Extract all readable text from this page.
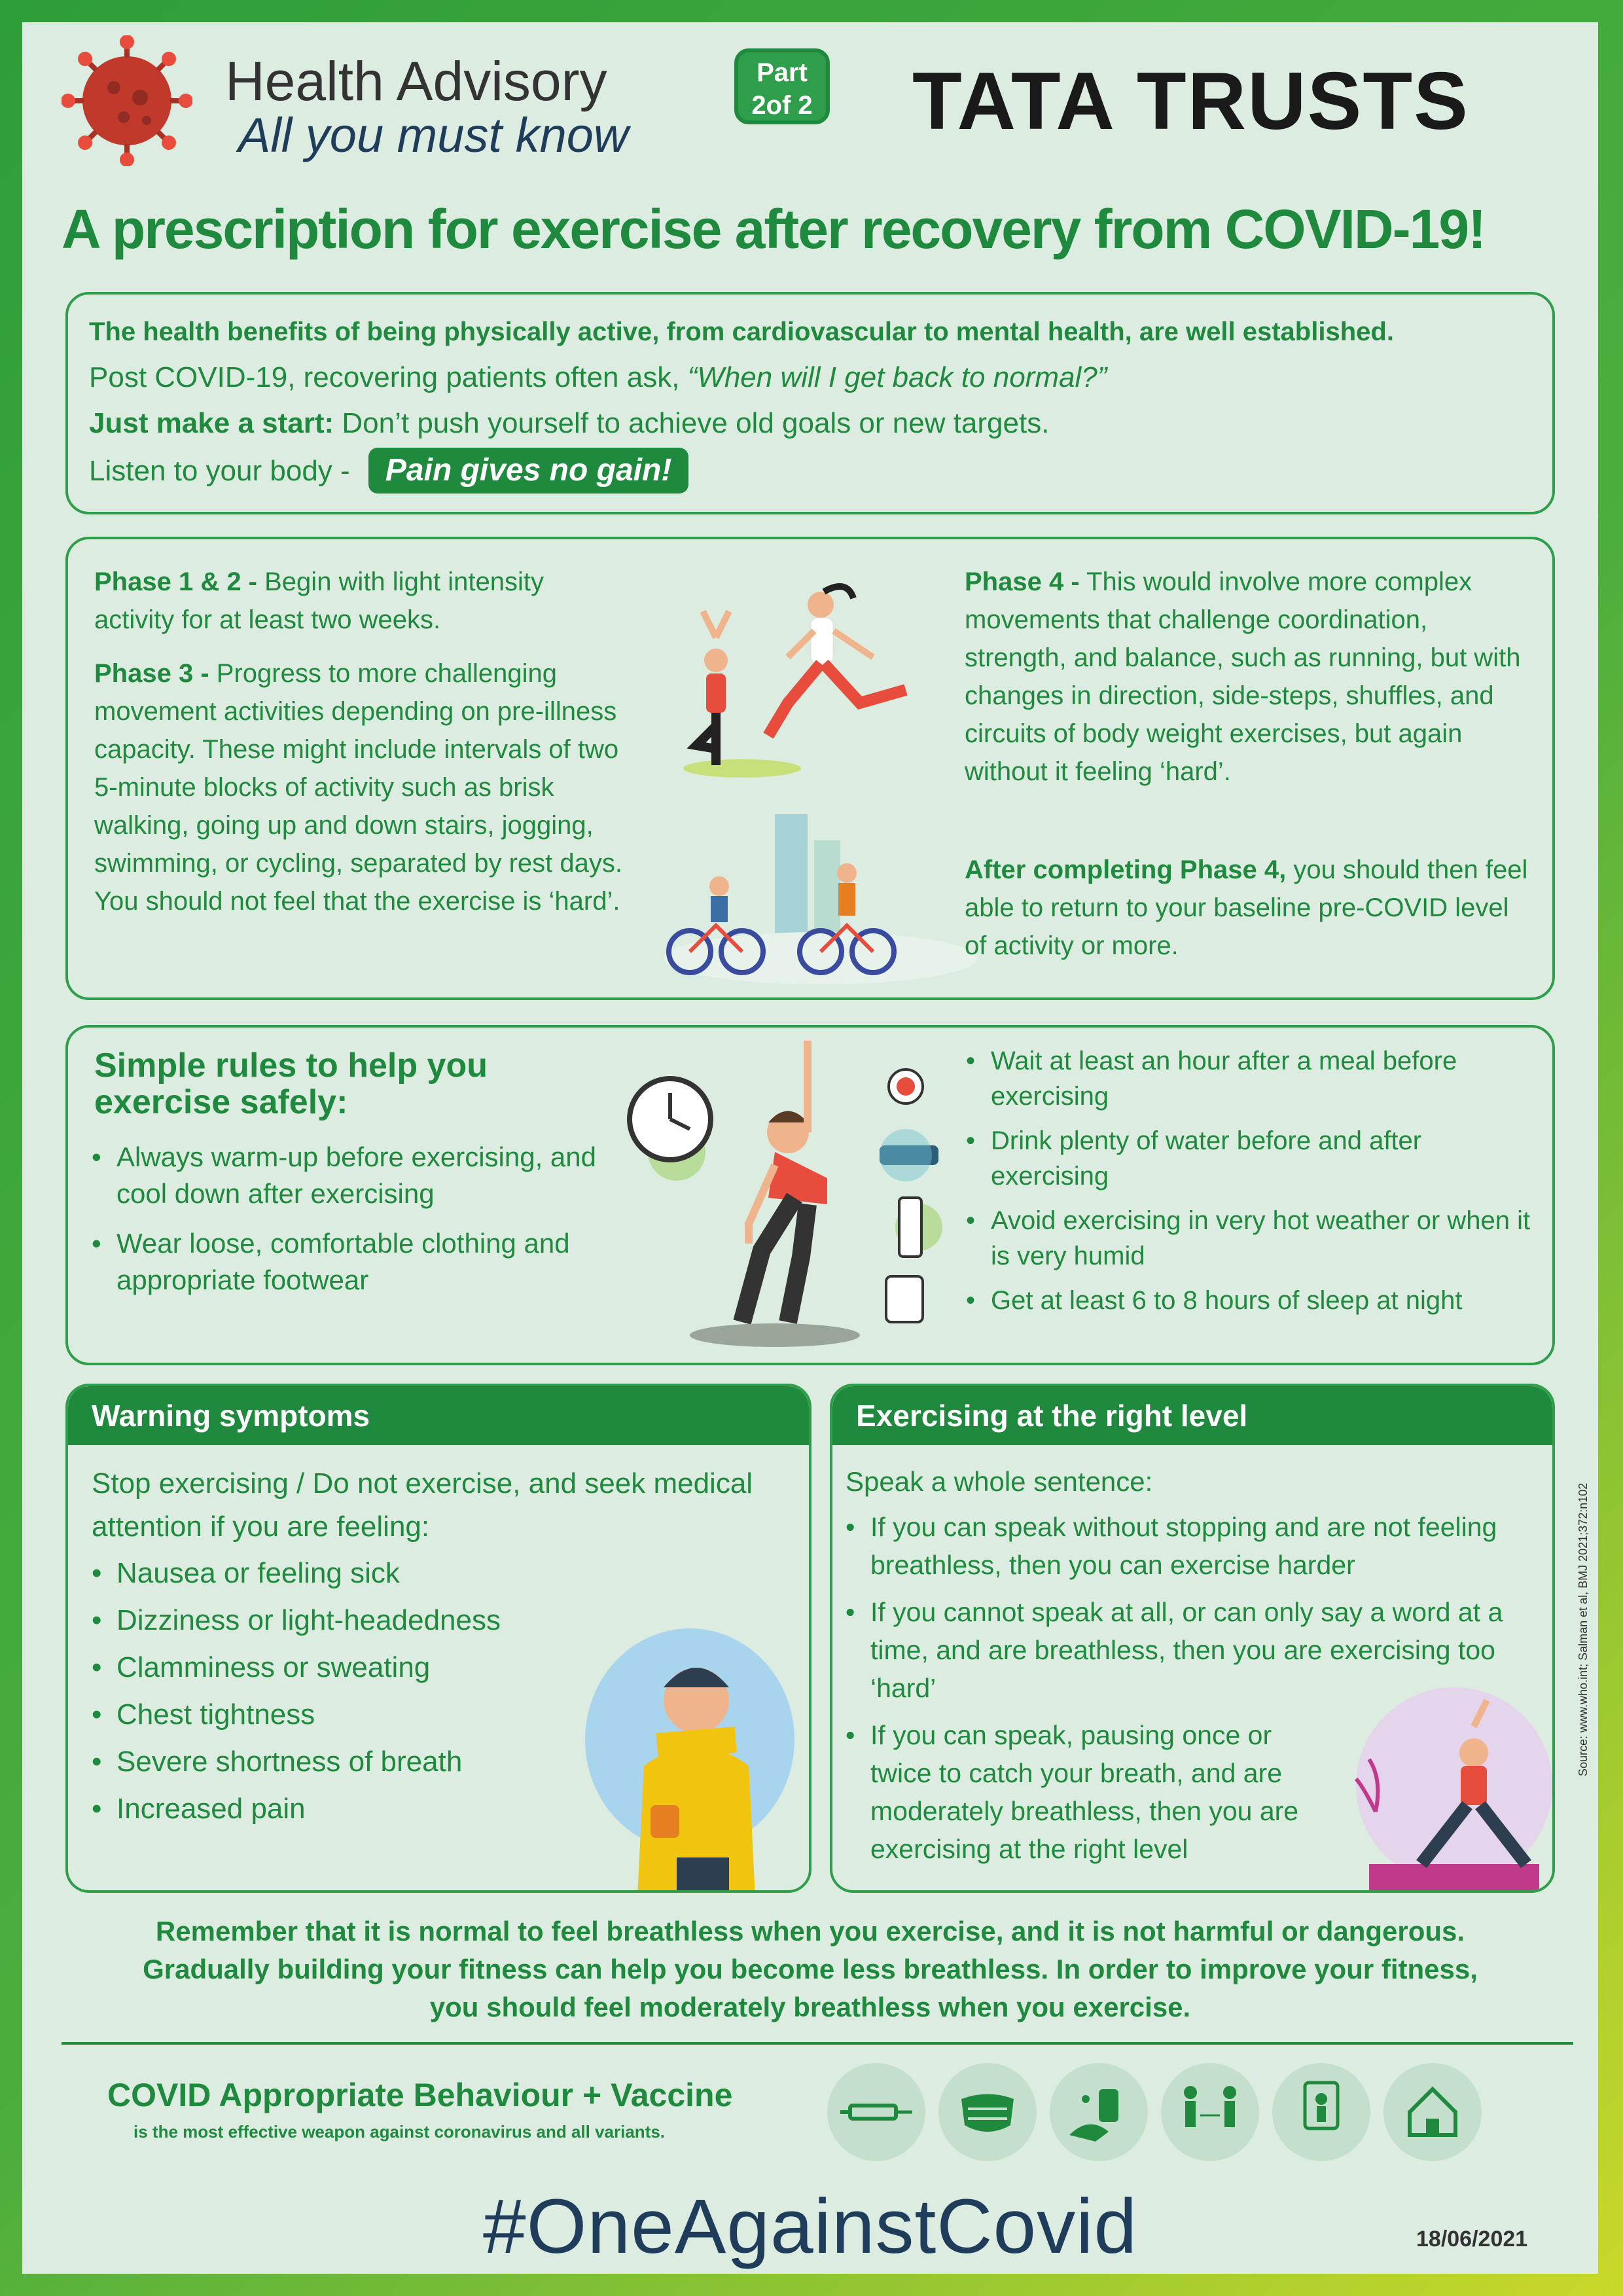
Health Advisory
All you must know
Part 2of 2 TATA TRUSTS
A prescription for exercise after recovery from COVID-19!
The health benefits of being physically active, from cardiovascular to mental health, are well established.
Post COVID-19, recovering patients often ask, “When will I get back to normal?”
Just make a start: Don’t push yourself to achieve old goals or new targets.
Listen to your body - Pain gives no gain!
Phase 1 & 2 - Begin with light intensity activity for at least two weeks.
Phase 3 - Progress to more challenging movement activities depending on pre-illness capacity. These might include intervals of two 5-minute blocks of activity such as brisk walking, going up and down stairs, jogging, swimming, or cycling, separated by rest days. You should not feel that the exercise is ‘hard’.
Phase 4 - This would involve more complex movements that challenge coordination, strength, and balance, such as running, but with changes in direction, side-steps, shuffles, and circuits of body weight exercises, but again without it feeling ‘hard’.
After completing Phase 4, you should then feel able to return to your baseline pre-COVID level of activity or more.
Simple rules to help you exercise safely:
• Always warm-up before exercising, and cool down after exercising
• Wear loose, comfortable clothing and appropriate footwear
• Wait at least an hour after a meal before exercising
• Drink plenty of water before and after exercising
• Avoid exercising in very hot weather or when it is very humid
• Get at least 6 to 8 hours of sleep at night
Warning symptoms
Stop exercising / Do not exercise, and seek medical attention if you are feeling:
• Nausea or feeling sick
• Dizziness or light-headedness
• Clamminess or sweating
• Chest tightness
• Severe shortness of breath
• Increased pain
Exercising at the right level
Speak a whole sentence:
• If you can speak without stopping and are not feeling breathless, then you can exercise harder
• If you cannot speak at all, or can only say a word at a time, and are breathless, then you are exercising too ‘hard’
• If you can speak, pausing once or twice to catch your breath, and are moderately breathless, then you are exercising at the right level
Source: www.who.int; Salman et al, BMJ 2021;372:n102
Remember that it is normal to feel breathless when you exercise, and it is not harmful or dangerous.
Gradually building your fitness can help you become less breathless. In order to improve your fitness,
you should feel moderately breathless when you exercise.
COVID Appropriate Behaviour + Vaccine
is the most effective weapon against coronavirus and all variants.
#OneAgainstCovid	18/06/2021
